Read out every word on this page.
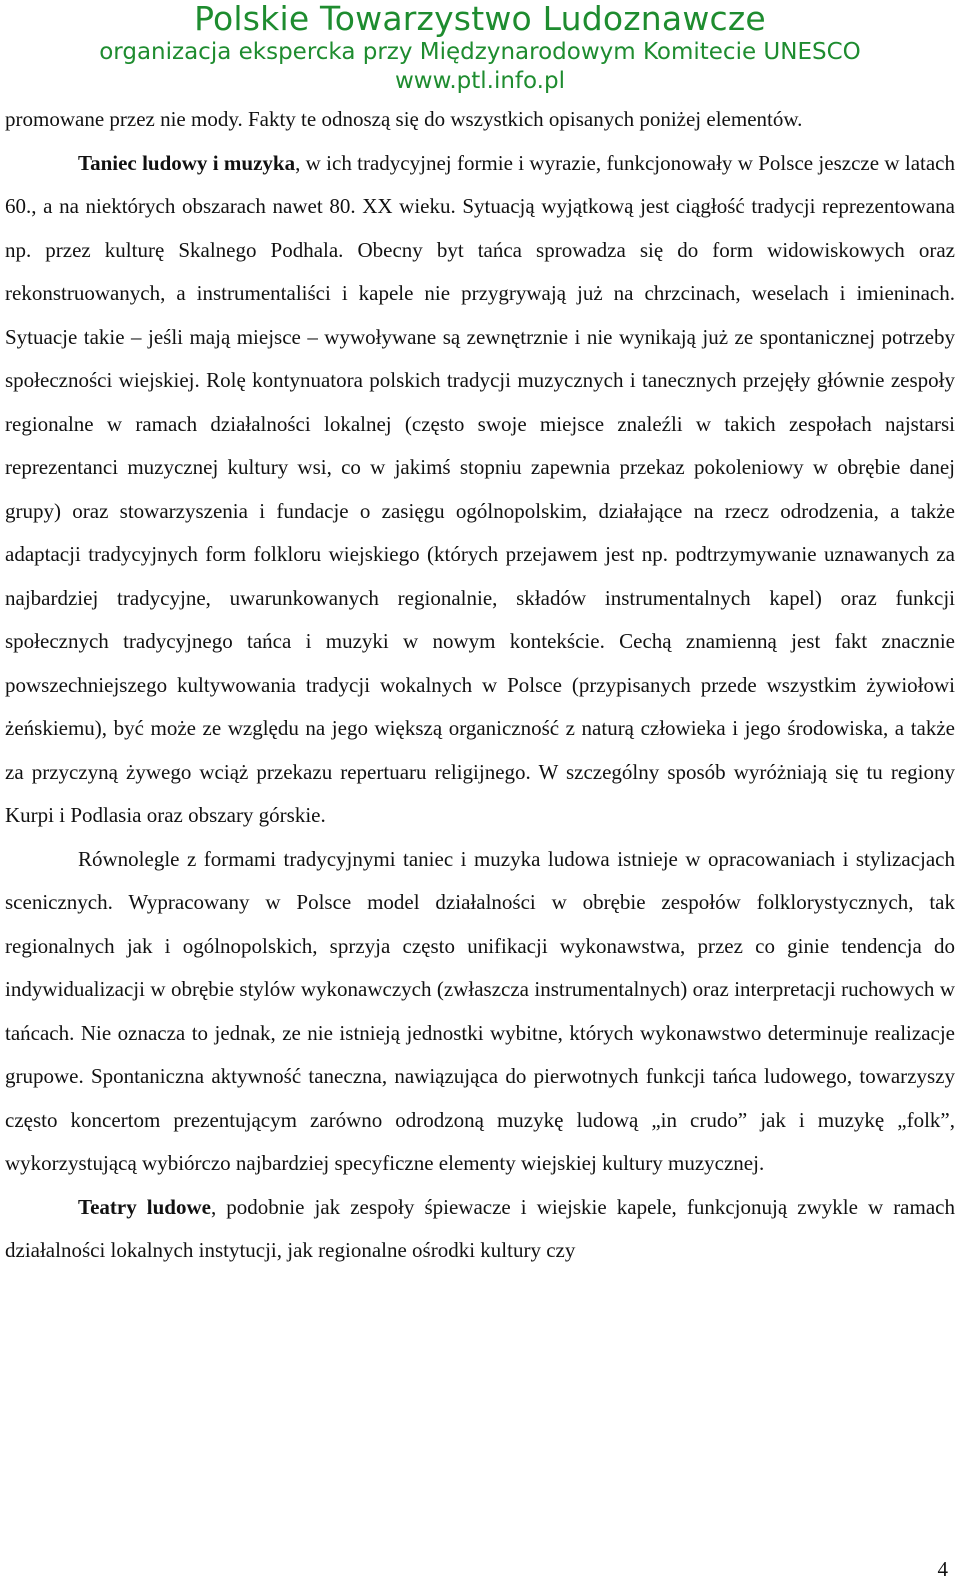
Polskie Towarzystwo Ludoznawcze
organizacja ekspercka przy Międzynarodowym Komitecie UNESCO
www.ptl.info.pl

promowane przez nie mody. Fakty te odnoszą się do wszystkich opisanych poniżej elementów.

Taniec ludowy i muzyka, w ich tradycyjnej formie i wyrazie, funkcjonowały w Polsce jeszcze w latach 60., a na niektórych obszarach nawet 80. XX wieku. Sytuacją wyjątkową jest ciągłość tradycji reprezentowana np. przez kulturę Skalnego Podhala. Obecny byt tańca sprowadza się do form widowiskowych oraz rekonstruowanych, a instrumentaliści i kapele nie przygrywają już na chrzcinach, weselach i imieninach. Sytuacje takie – jeśli mają miejsce – wywoływane są zewnętrznie i nie wynikają już ze spontanicznej potrzeby społeczności wiejskiej. Rolę kontynuatora polskich tradycji muzycznych i tanecznych przejęły głównie zespoły regionalne w ramach działalności lokalnej (często swoje miejsce znaleźli w takich zespołach najstarsi reprezentanci muzycznej kultury wsi, co w jakimś stopniu zapewnia przekaz pokoleniowy w obrębie danej grupy) oraz stowarzyszenia i fundacje o zasięgu ogólnopolskim, działające na rzecz odrodzenia, a także adaptacji tradycyjnych form folkloru wiejskiego (których przejawem jest np. podtrzymywanie uznawanych za najbardziej tradycyjne, uwarunkowanych regionalnie, składów instrumentalnych kapel) oraz funkcji społecznych tradycyjnego tańca i muzyki w nowym kontekście. Cechą znamienną jest fakt znacznie powszechniejszego kultywowania tradycji wokalnych w Polsce (przypisanych przede wszystkim żywiołowi żeńskiemu), być może ze względu na jego większą organiczność z naturą człowieka i jego środowiska, a także za przyczyną żywego wciąż przekazu repertuaru religijnego. W szczególny sposób wyróżniają się tu regiony Kurpi i Podlasia oraz obszary górskie.

Równolegle z formami tradycyjnymi taniec i muzyka ludowa istnieje w opracowaniach i stylizacjach scenicznych. Wypracowany w Polsce model działalności w obrębie zespołów folklorystycznych, tak regionalnych jak i ogólnopolskich, sprzyja często unifikacji wykonawstwa, przez co ginie tendencja do indywidualizacji w obrębie stylów wykonawczych (zwłaszcza instrumentalnych) oraz interpretacji ruchowych w tańcach. Nie oznacza to jednak, ze nie istnieją jednostki wybitne, których wykonawstwo determinuje realizacje grupowe. Spontaniczna aktywność taneczna, nawiązująca do pierwotnych funkcji tańca ludowego, towarzyszy często koncertom prezentującym zarówno odrodzoną muzykę ludową „in crudo” jak i muzykę „folk”, wykorzystującą wybiórczo najbardziej specyficzne elementy wiejskiej kultury muzycznej.

Teatry ludowe, podobnie jak zespoły śpiewacze i wiejskie kapele, funkcjonują zwykle w ramach działalności lokalnych instytucji, jak regionalne ośrodki kultury czy

4
